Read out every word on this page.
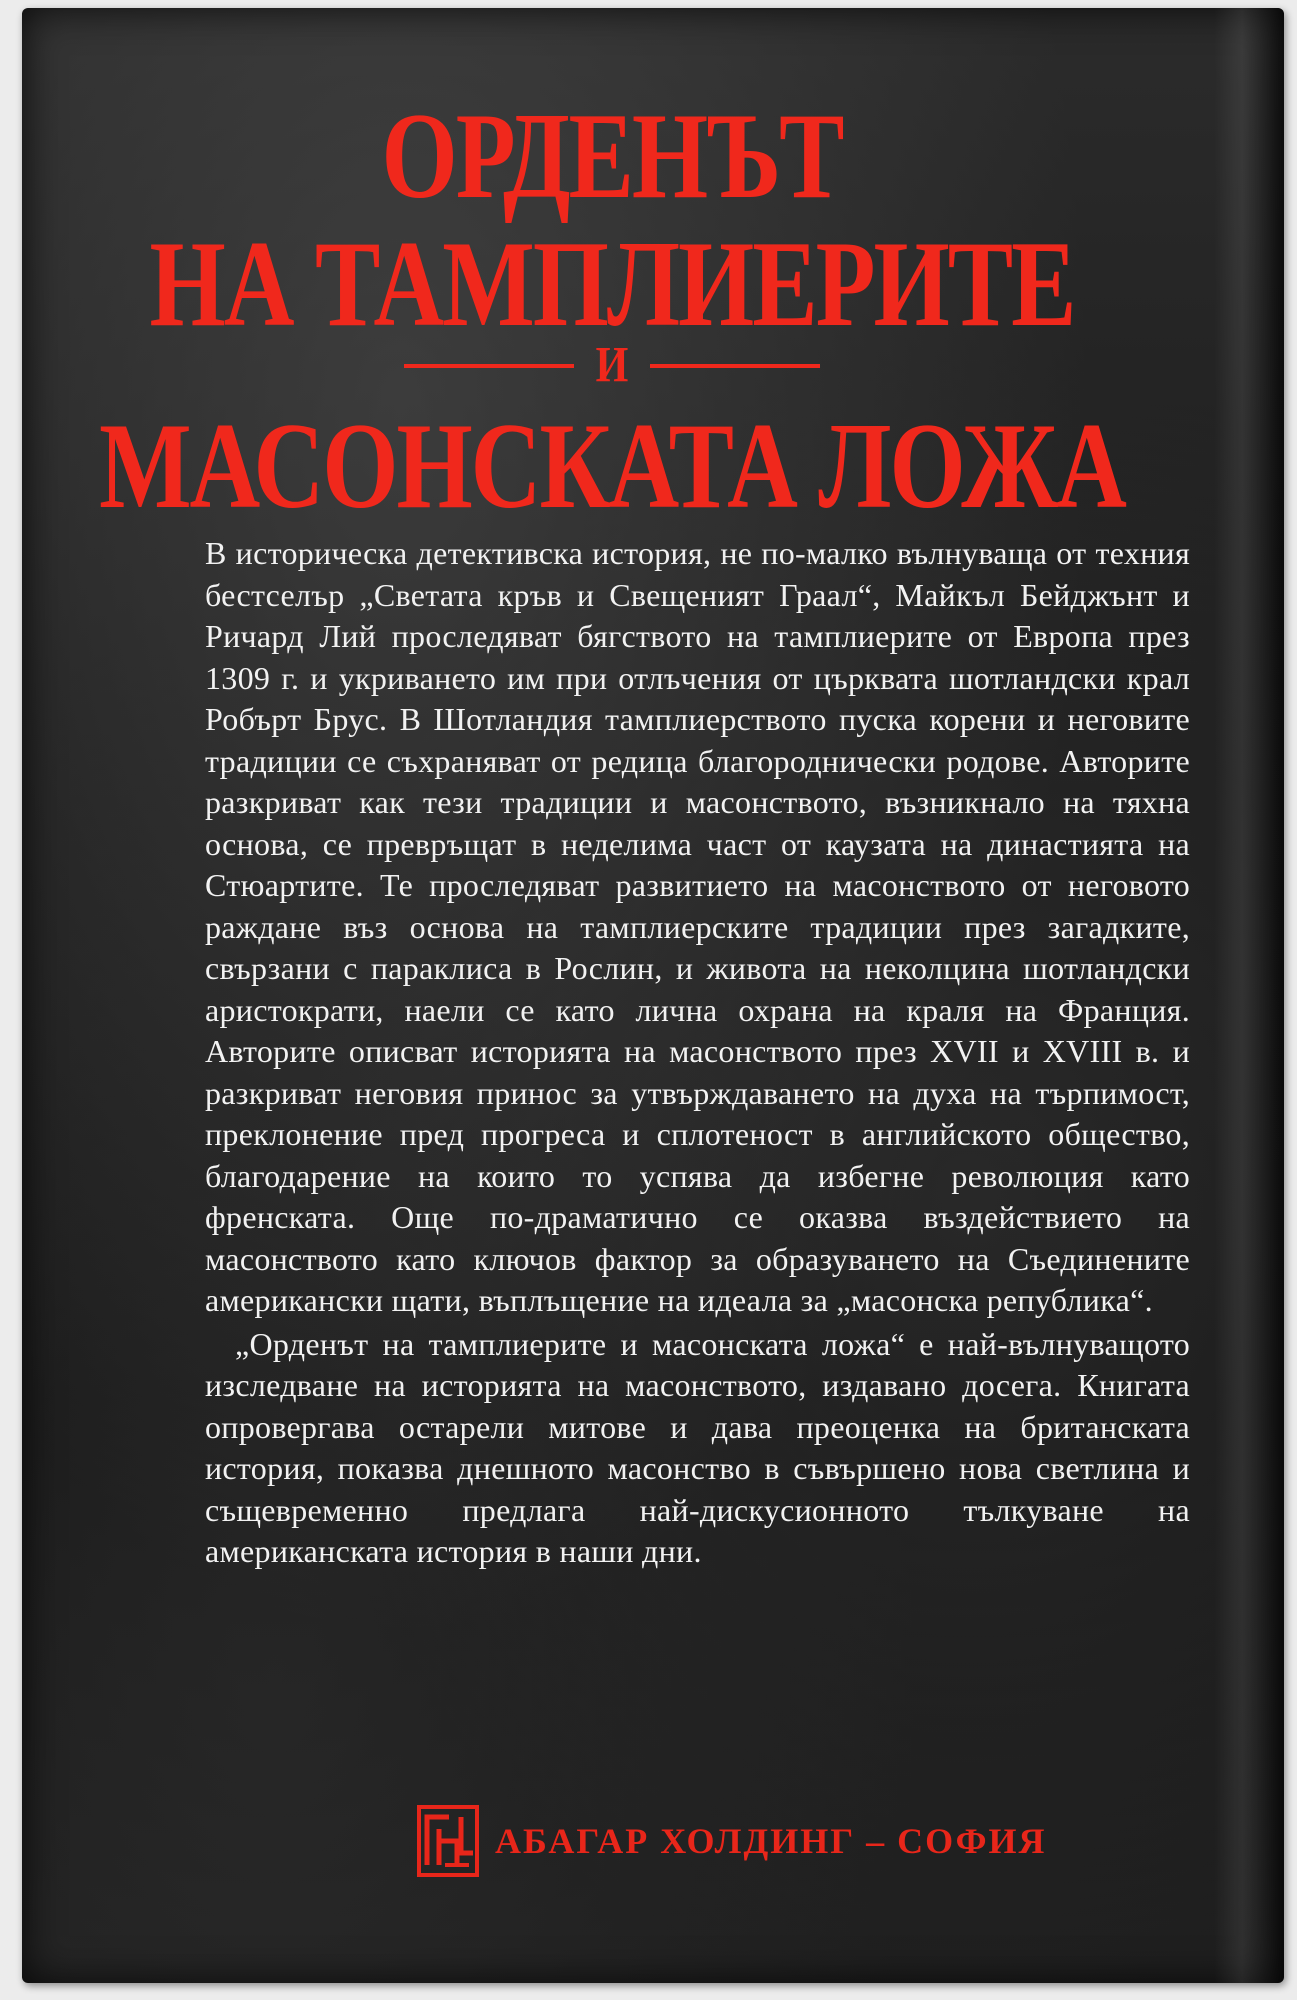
ОРДЕНЪТ
НА ТАМПЛИЕРИТЕ
И
МАСОНСКАТА ЛОЖА

В историческа детективска история, не по-малко вълнуваща от техния бестселър „Светата кръв и Свещеният Граал“, Майкъл Бейджънт и Ричард Лий проследяват бягството на тамплиерите от Европа през 1309 г. и укриването им при отлъчения от църквата шотландски крал Робърт Брус. В Шотландия тамплиерството пуска корени и неговите традиции се съхраняват от редица благороднически родове. Авторите разкриват как тези традиции и масонството, възникнало на тяхна основа, се превръщат в неделима част от каузата на династията на Стюартите. Те проследяват развитието на масонството от неговото раждане въз основа на тамплиерските традиции през загадките, свързани с параклиса в Рослин, и живота на неколцина шотландски аристократи, наели се като лична охрана на краля на Франция. Авторите описват историята на масонството през XVII и XVIII в. и разкриват неговия принос за утвърждаването на духа на търпимост, преклонение пред прогреса и сплотеност в английското общество, благодарение на които то успява да избегне революция като френската. Още по-драматично се оказва въздействието на масонството като ключов фактор за образуването на Съединените американски щати, въплъщение на идеала за „масонска република“.

„Орденът на тамплиерите и масонската ложа“ е най-вълнуващото изследване на историята на масонството, издавано досега. Книгата опровергава остарели митове и дава преоценка на британската история, показва днешното масонство в съвършено нова светлина и същевременно предлага най-дискусионното тълкуване на американската история в наши дни.

АБАГАР ХОЛДИНГ – СОФИЯ
